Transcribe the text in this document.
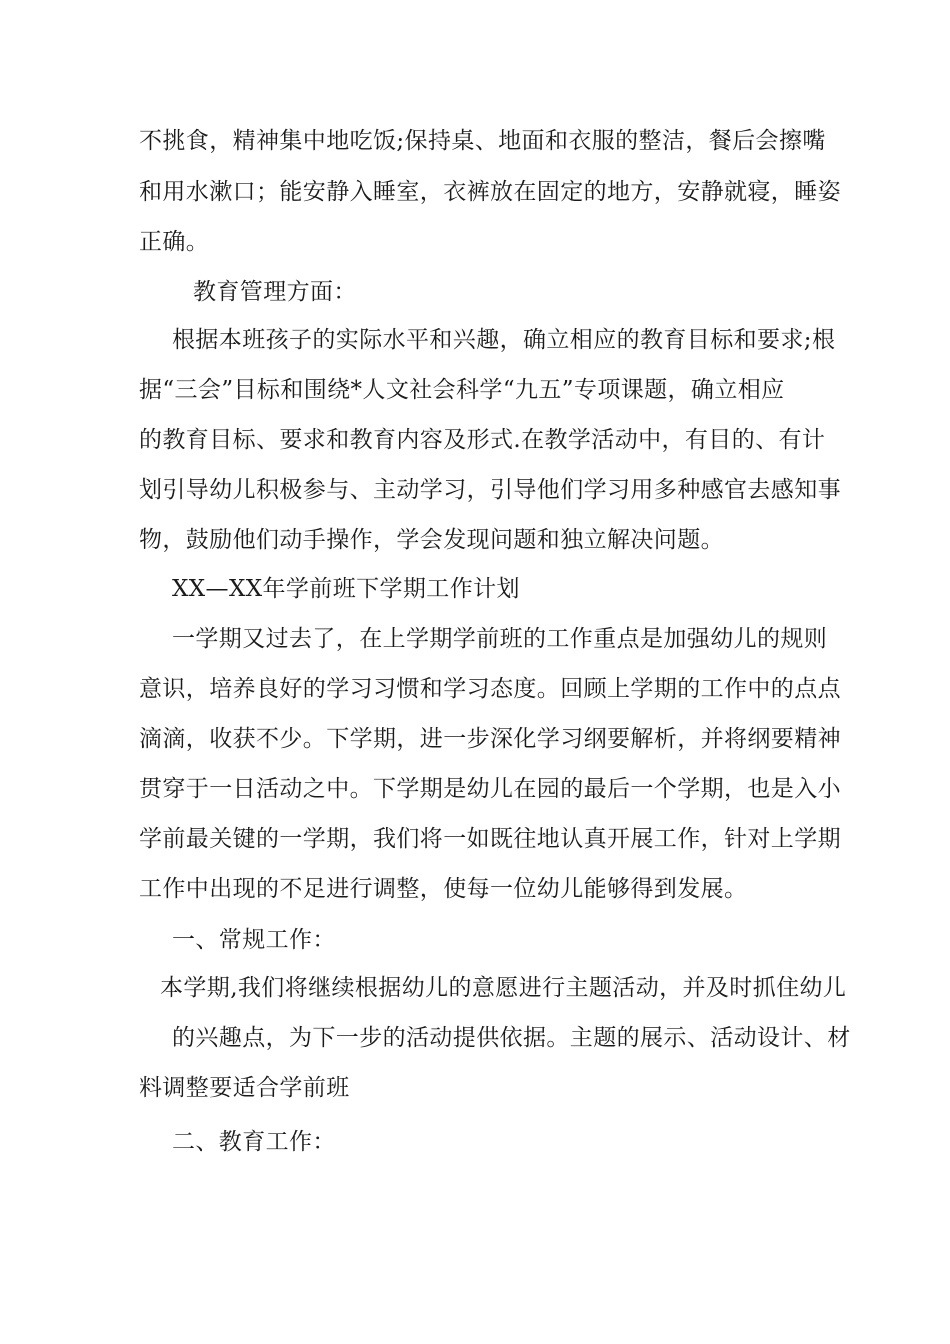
不挑食，精神集中地吃饭;保持桌、地面和衣服的整洁，餐后会擦嘴

和用水漱口；能安静入睡室，衣裤放在固定的地方，安静就寝，睡姿

正确。

教育管理方面：

根据本班孩子的实际水平和兴趣，确立相应的教育目标和要求;根

据“三会”目标和围绕*人文社会科学“九五”专项课题，确立相应

的教育目标、要求和教育内容及形式.在教学活动中，有目的、有计

划引导幼儿积极参与、主动学习，引导他们学习用多种感官去感知事

物，鼓励他们动手操作，学会发现问题和独立解决问题。

XX—XX年学前班下学期工作计划

一学期又过去了，在上学期学前班的工作重点是加强幼儿的规则

意识，培养良好的学习习惯和学习态度。回顾上学期的工作中的点点

滴滴，收获不少。下学期，进一步深化学习纲要解析，并将纲要精神

贯穿于一日活动之中。下学期是幼儿在园的最后一个学期，也是入小

学前最关键的一学期，我们将一如既往地认真开展工作，针对上学期

工作中出现的不足进行调整，使每一位幼儿能够得到发展。

一、常规工作：

本学期,我们将继续根据幼儿的意愿进行主题活动，并及时抓住幼儿

的兴趣点，为下一步的活动提供依据。主题的展示、活动设计、材

料调整要适合学前班

二、教育工作：
